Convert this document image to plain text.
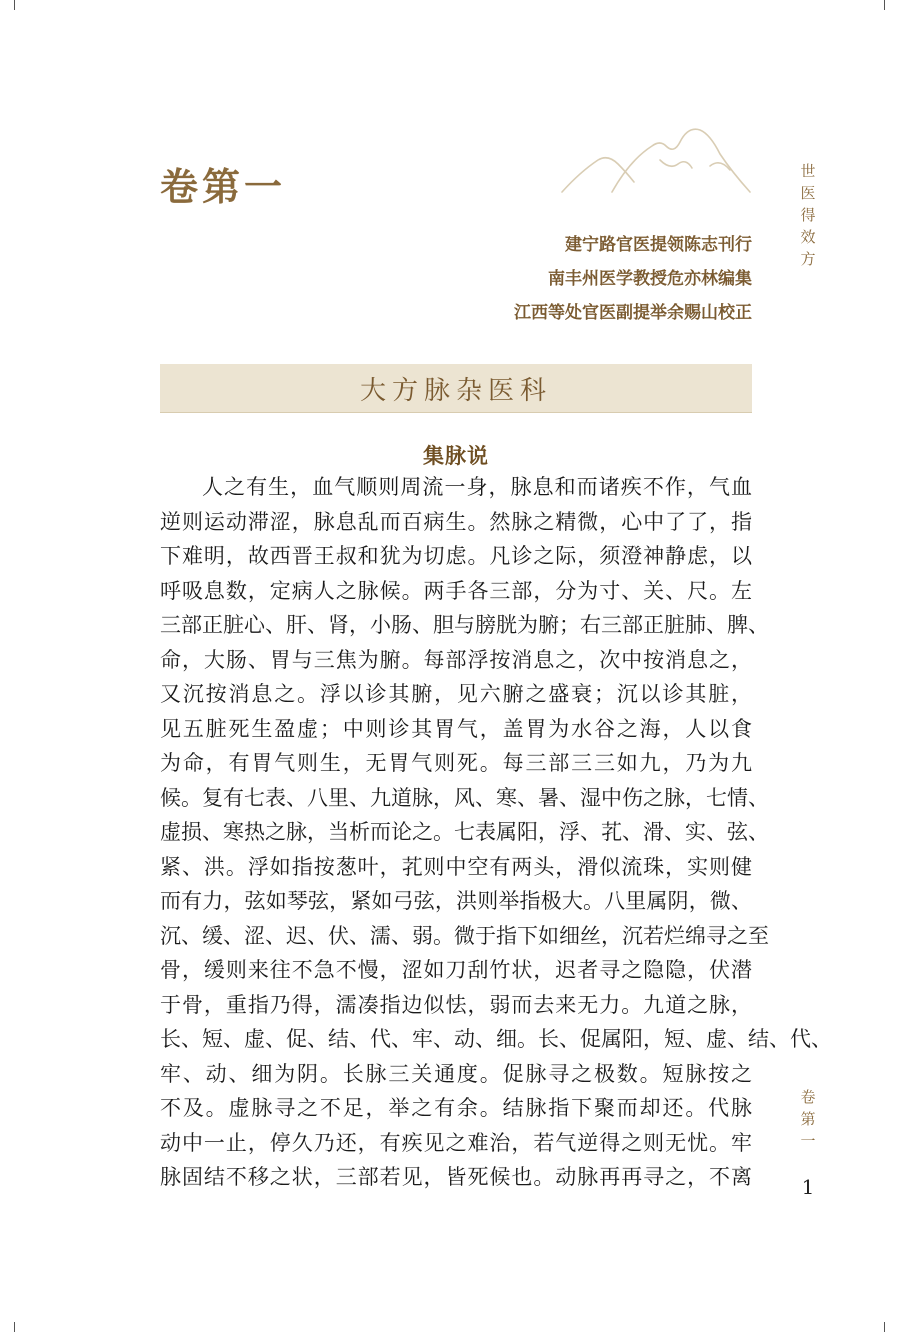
卷第一
建宁路官医提领陈志刊行
南丰州医学教授危亦林编集
江西等处官医副提举余赐山校正
世
医
得
效
方
卷
第
一
1
大方脉杂医科
集脉说
人之有生，血气顺则周流一身，脉息和而诸疾不作，气血
逆则运动滞涩，脉息乱而百病生。然脉之精微，心中了了，指
下难明，故西晋王叔和犹为切虑。凡诊之际，须澄神静虑，以
呼吸息数，定病人之脉候。两手各三部，分为寸、关、尺。左
三部正脏心、肝、肾，小肠、胆与膀胱为腑；右三部正脏肺、脾、
命，大肠、胃与三焦为腑。每部浮按消息之，次中按消息之，
又沉按消息之。浮以诊其腑，见六腑之盛衰；沉以诊其脏，
见五脏死生盈虚；中则诊其胃气，盖胃为水谷之海，人以食
为命，有胃气则生，无胃气则死。每三部三三如九，乃为九
候。复有七表、八里、九道脉，风、寒、暑、湿中伤之脉，七情、
虚损、寒热之脉，当析而论之。七表属阳，浮、芤、滑、实、弦、
紧、洪。浮如指按葱叶，芤则中空有两头，滑似流珠，实则健
而有力，弦如琴弦，紧如弓弦，洪则举指极大。八里属阴，微、
沉、缓、涩、迟、伏、濡、弱。微于指下如细丝，沉若烂绵寻之至
骨，缓则来往不急不慢，涩如刀刮竹状，迟者寻之隐隐，伏潜
于骨，重指乃得，濡凑指边似怯，弱而去来无力。九道之脉，
长、短、虚、促、结、代、牢、动、细。长、促属阳，短、虚、结、代、
牢、动、细为阴。长脉三关通度。促脉寻之极数。短脉按之
不及。虚脉寻之不足，举之有余。结脉指下聚而却还。代脉
动中一止，停久乃还，有疾见之难治，若气逆得之则无忧。牢
脉固结不移之状，三部若见，皆死候也。动脉再再寻之，不离
